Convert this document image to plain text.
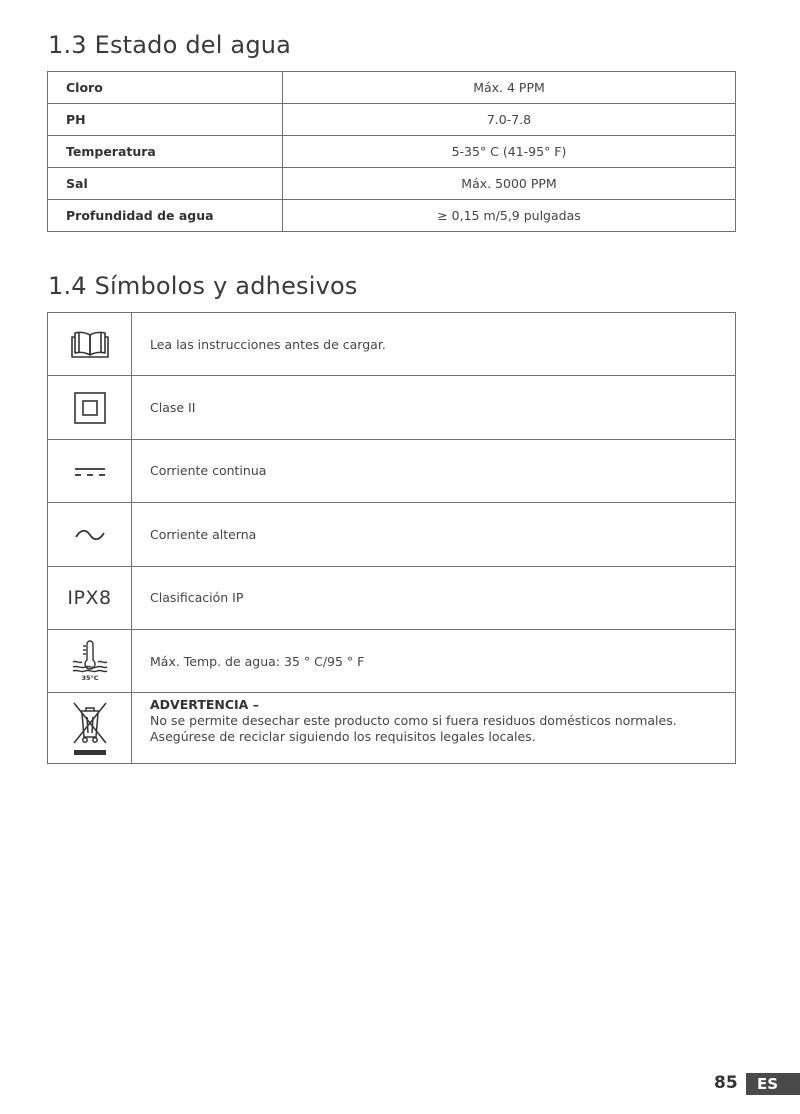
1.3 Estado del agua
Cloro	Máx. 4 PPM
PH	7.0-7.8
Temperatura	5-35° C (41-95° F)
Sal	Máx. 5000 PPM
Profundidad de agua	≥ 0,15 m/5,9 pulgadas
1.4 Símbolos y adhesivos
	Lea las instrucciones antes de cargar.
	Clase II
	Corriente continua
	Corriente alterna
IPX8	Clasificación IP

35°C	Máx. Temp. de agua: 35 ° C/95 ° F

ADVERTENCIA –
No se permite desechar este producto como si fuera residuos domésticos normales.
Asegúrese de reciclar siguiendo los requisitos legales locales.
85	ES
